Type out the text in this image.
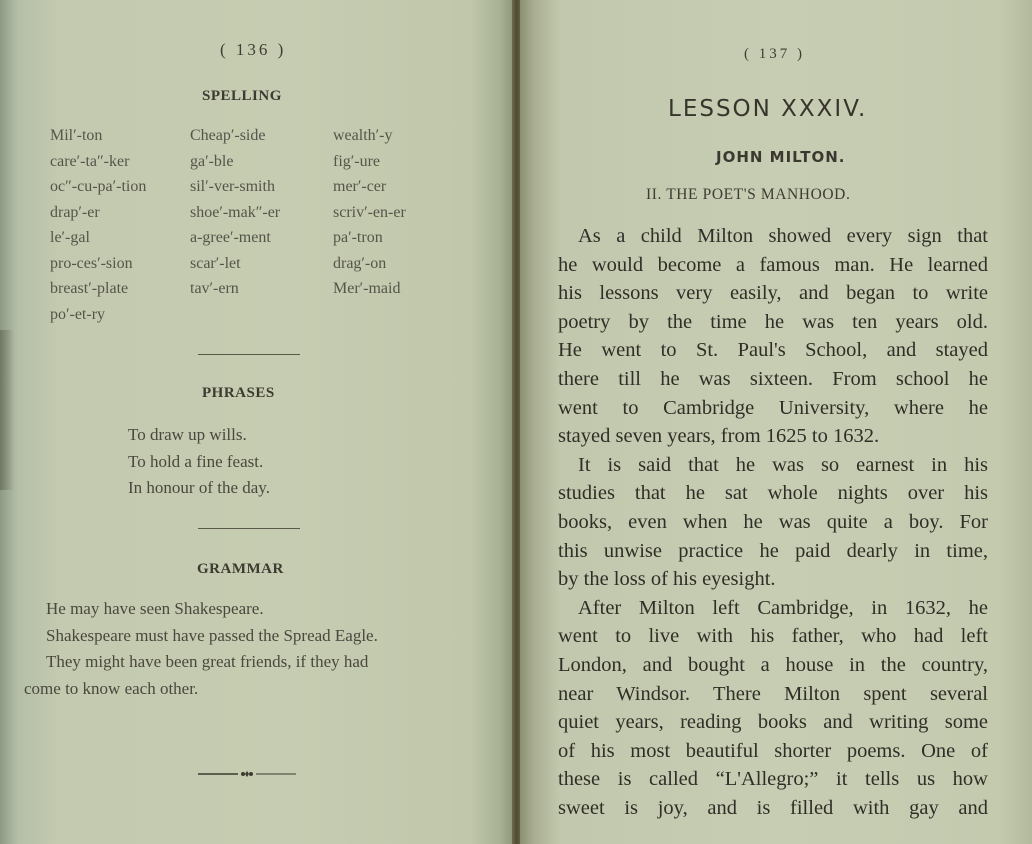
( 136 )
SPELLING
Mil′-ton
care′-ta″-ker
oc″-cu-pa′-tion
drap′-er
le′-gal
pro-ces′-sion
breast′-plate
po′-et-ry
Cheap′-side
ga′-ble
sil′-ver-smith
shoe′-mak″-er
a-gree′-ment
scar′-let
tav′-ern
wealth′-y
fig′-ure
mer′-cer
scriv′-en-er
pa′-tron
drag′-on
Mer′-maid
PHRASES
To draw up wills.
To hold a fine feast.
In honour of the day.
GRAMMAR
He may have seen Shakespeare.
Shakespeare must have passed the Spread Eagle.
They might have been great friends, if they had
come to know each other.
( 137 )
LESSON XXXIV.
JOHN MILTON.
II. THE POET'S MANHOOD.
As a child Milton showed every sign that
he would become a famous man. He learned
his lessons very easily, and began to write
poetry by the time he was ten years old.
He went to St. Paul's School, and stayed
there till he was sixteen. From school he
went to Cambridge University, where he
stayed seven years, from 1625 to 1632.
It is said that he was so earnest in his
studies that he sat whole nights over his
books, even when he was quite a boy. For
this unwise practice he paid dearly in time,
by the loss of his eyesight.
After Milton left Cambridge, in 1632, he
went to live with his father, who had left
London, and bought a house in the country,
near Windsor. There Milton spent several
quiet years, reading books and writing some
of his most beautiful shorter poems. One of
these is called “L'Allegro;” it tells us how
sweet is joy, and is filled with gay and
